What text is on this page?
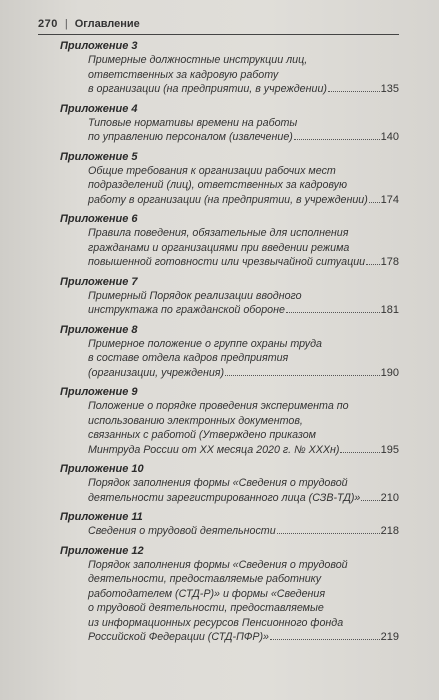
270 | Оглавление
Приложение 3
Примерные должностные инструкции лиц,
ответственных за кадровую работу
в организации (на предприятии, в учреждении)	135
Приложение 4
Типовые нормативы времени на работы
по управлению персоналом (извлечение)	140
Приложение 5
Общие требования к организации рабочих мест
подразделений (лиц), ответственных за кадровую
работу в организации (на предприятии, в учреждении) 174
Приложение 6
Правила поведения, обязательные для исполнения
гражданами и организациями при введении режима
повышенной готовности или чрезвычайной ситуации 178
Приложение 7
Примерный Порядок реализации вводного
инструктажа по гражданской обороне	181
Приложение 8
Примерное положение о группе охраны труда
в составе отдела кадров предприятия
(организации, учреждения)	190
Приложение 9
Положение о порядке проведения эксперимента по
использованию электронных документов,
связанных с работой (Утверждено приказом
Минтруда России от XX месяца 2020 г. № XXXн)	195
Приложение 10
Порядок заполнения формы «Сведения о трудовой
деятельности зарегистрированного лица (СЗВ-ТД)» 210
Приложение 11
Сведения о трудовой деятельности	218
Приложение 12
Порядок заполнения формы «Сведения о трудовой
деятельности, предоставляемые работнику
работодателем (СТД-Р)» и формы «Сведения
о трудовой деятельности, предоставляемые
из информационных ресурсов Пенсионного фонда
Российской Федерации (СТД-ПФР)»	219
